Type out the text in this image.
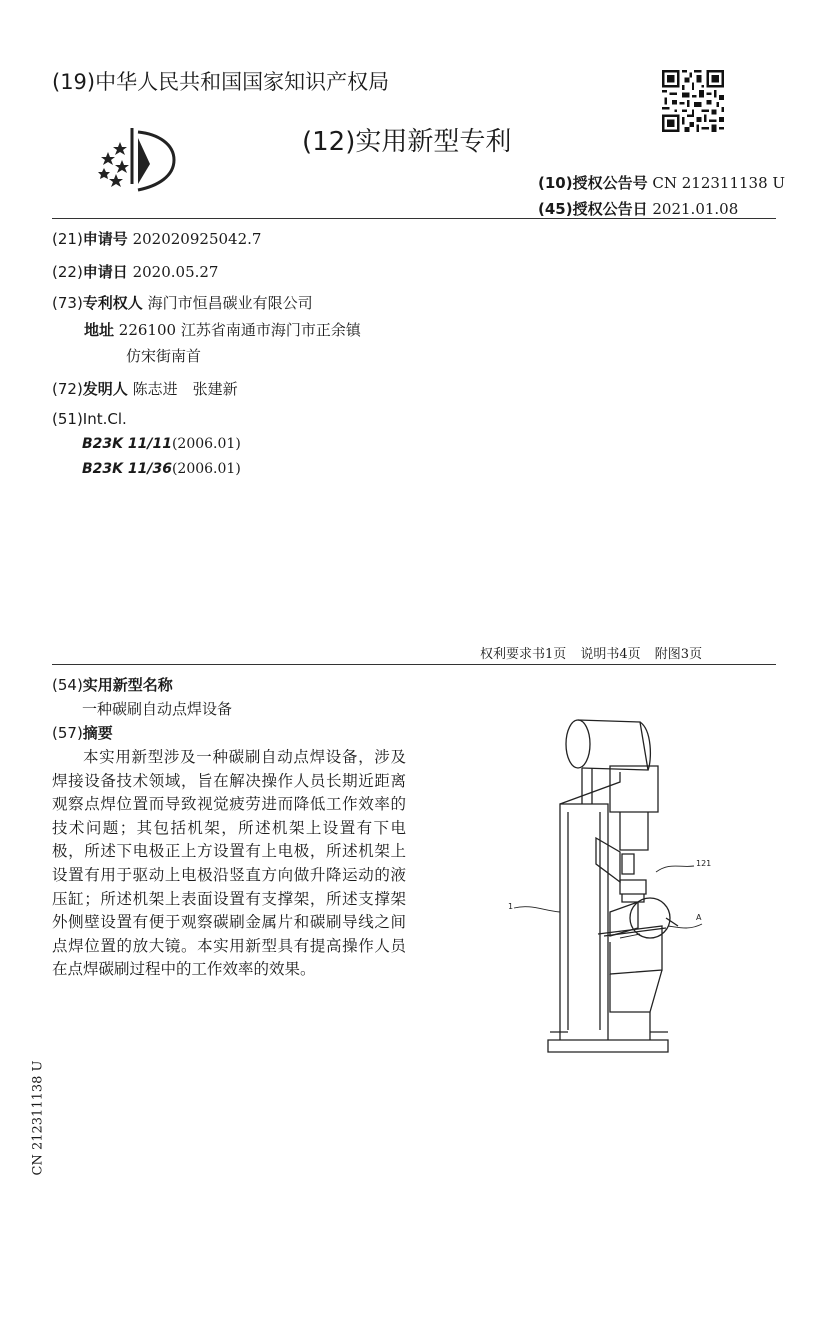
(19)中华人民共和国国家知识产权局
(12)实用新型专利
(10)授权公告号 CN 212311138 U
(45)授权公告日 2021.01.08
(21)申请号 202020925042.7
(22)申请日 2020.05.27
(73)专利权人 海门市恒昌碳业有限公司
地址 226100 江苏省南通市海门市正余镇
仿宋街南首
(72)发明人 陈志进　张建新
(51)Int.Cl.
B23K 11/11(2006.01)
B23K 11/36(2006.01)
权利要求书1页 说明书4页 附图3页
(54)实用新型名称
一种碳刷自动点焊设备
(57)摘要

本实用新型涉及一种碳刷自动点焊设备，涉及焊接设备技术领域，旨在解决操作人员长期近距离观察点焊位置而导致视觉疲劳进而降低工作效率的技术问题；其包括机架，所述机架上设置有下电极，所述下电极正上方设置有上电极，所述机架上设置有用于驱动上电极沿竖直方向做升降运动的液压缸；所述机架上表面设置有支撑架，所述支撑架外侧壁设置有便于观察碳刷金属片和碳刷导线之间点焊位置的放大镜。本实用新型具有提高操作人员在点焊碳刷过程中的工作效率的效果。

1
121
A
CN 212311138 U
